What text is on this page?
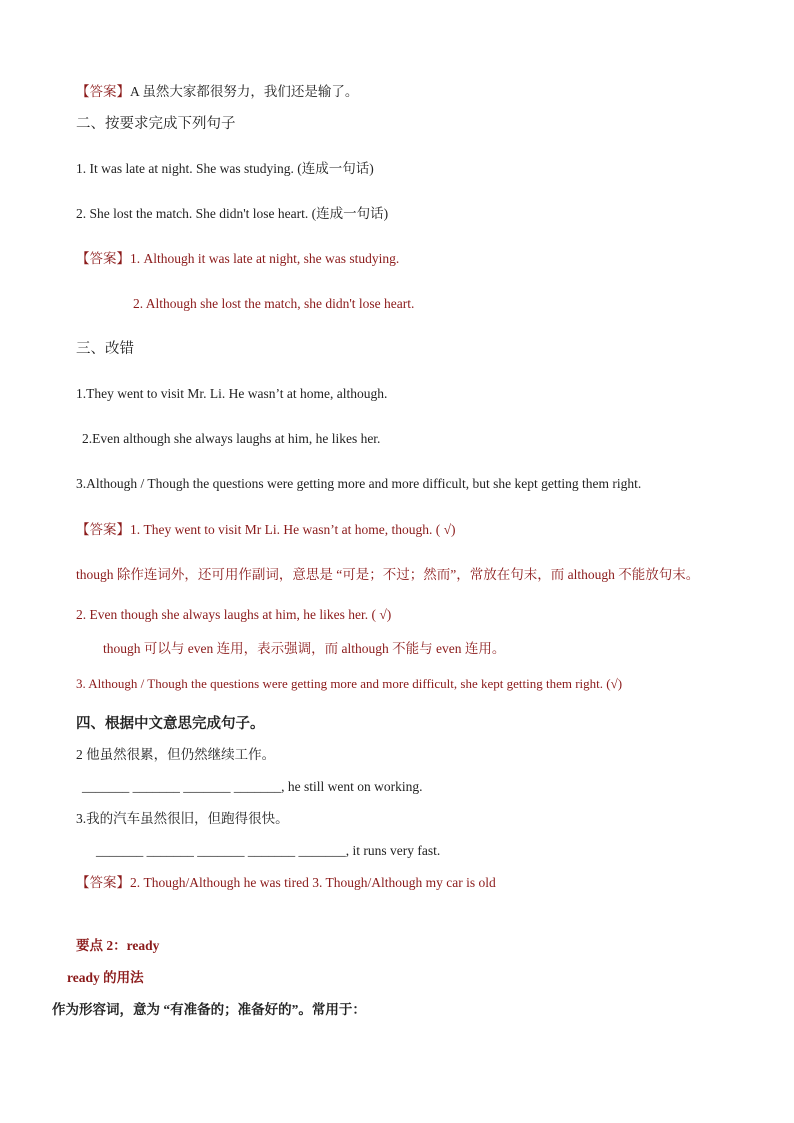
【答案】A 虽然大家都很努力，我们还是输了。
二、按要求完成下列句子
1. It was late at night. She was studying. (连成一句话)
2. She lost the match. She didn't lose heart. (连成一句话)
【答案】1. Although it was late at night, she was studying.
2. Although she lost the match, she didn't lose heart.
三、改错
1.They went to visit Mr. Li. He wasn’t at home, although.
2.Even although she always laughs at him, he likes her.
3.Although / Though the questions were getting more and more difficult, but she kept getting them right.
【答案】1. They went to visit Mr Li. He wasn’t at home, though. ( √)
though 除作连词外，还可用作副词，意思是 “可是；不过；然而”，常放在句末，而 although 不能放句末。
2. Even though she always laughs at him, he likes her. ( √)
though 可以与 even 连用，表示强调，而 although 不能与 even 连用。
3. Although / Though the questions were getting more and more difficult, she kept getting them right. (√)
四、根据中文意思完成句子。
2 他虽然很累，但仍然继续工作。
_______ _______ _______ _______, he still went on working.
3.我的汽车虽然很旧，但跑得很快。
_______ _______ _______ _______ _______, it runs very fast.
【答案】2. Though/Although he was tired 3. Though/Although my car is old
要点 2：ready
ready 的用法
作为形容词，意为 “有准备的；准备好的”。常用于：
